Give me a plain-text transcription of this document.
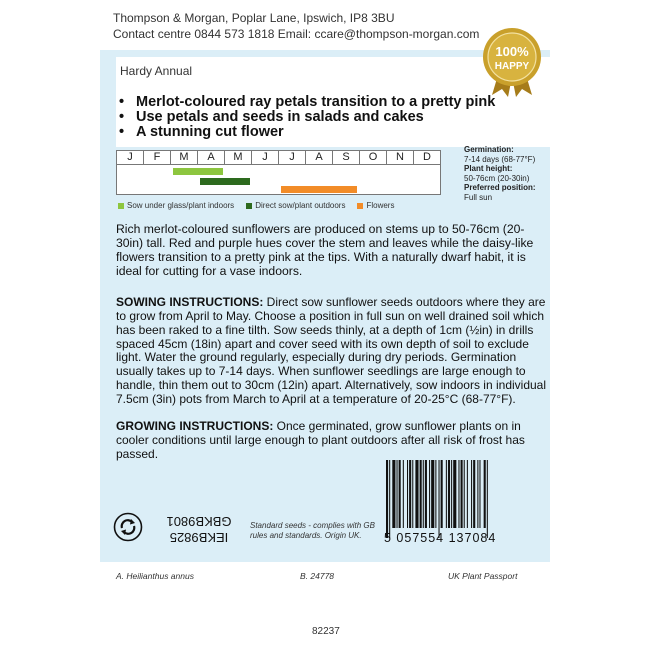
Thompson & Morgan, Poplar Lane, Ipswich, IP8 3BU
Contact centre 0844 573 1818 Email: ccare@thompson-morgan.com
100%
HAPPY
Hardy Annual
• Merlot-coloured ray petals transition to a pretty pink
• Use petals and seeds in salads and cakes
• A stunning cut flower
J	F	M	A	M	J	J	A	S	O	N	D
Sow under glass/plant indoors	Direct sow/plant outdoors	Flowers
Germination:
7-14 days (68-77°F)
Plant height:
50-76cm (20-30in)
Preferred position:
Full sun
Rich merlot-coloured sunflowers are produced on stems up to 50-76cm (20-30in) tall. Red and purple hues cover the stem and leaves while the daisy-like flowers transition to a pretty pink at the tips. With a naturally dwarf habit, it is ideal for cutting for a vase indoors.
SOWING INSTRUCTIONS: Direct sow sunflower seeds outdoors where they are to grow from April to May. Choose a position in full sun on well drained soil which has been raked to a fine tilth. Sow seeds thinly, at a depth of 1cm (½in) in drills spaced 45cm (18in) apart and cover seed with its own depth of soil to exclude light. Water the ground regularly, especially during dry periods. Germination usually takes up to 7-14 days. When sunflower seedlings are large enough to handle, thin them out to 30cm (12in) apart. Alternatively, sow indoors in individual 7.5cm (3in) pots from March to April at a temperature of 20-25°C (68-77°F).
GROWING INSTRUCTIONS: Once germinated, grow sunflower plants on in cooler conditions until large enough to plant outdoors after all risk of frost has passed.
IEKB9825
GBKB9801 Standard seeds - complies with GB
rules and standards. Origin UK.	5 057554 137084
A. Heilianthus annus	B. 24778	UK Plant Passport
82237
